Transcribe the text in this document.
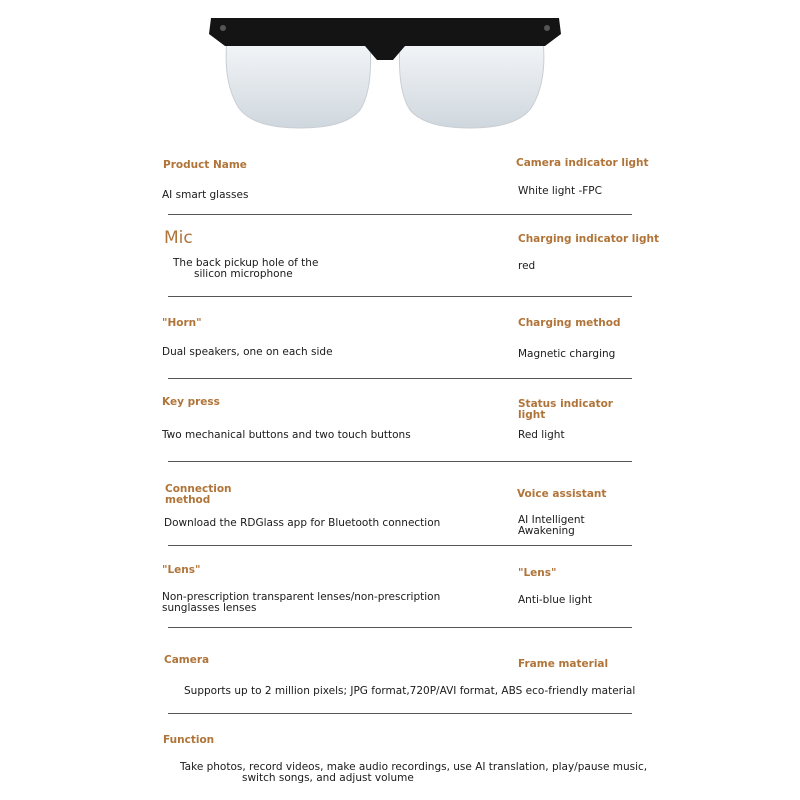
Product Name
AI smart glasses
Camera indicator light
White light -FPC
Mic
The back pickup hole of the
silicon microphone
Charging indicator light
red
"Horn"
Dual speakers, one on each side
Charging method
Magnetic charging
Key press
Two mechanical buttons and two touch buttons
Status indicator
light
Red light
Connection
method
Download the RDGlass app for Bluetooth connection
Voice assistant
AI Intelligent
Awakening
"Lens"
Non-prescription transparent lenses/non-prescription
sunglasses lenses
"Lens"
Anti-blue light
Camera	Frame material
Supports up to 2 million pixels; JPG format,720P/AVI format, ABS eco-friendly material
Function
Take photos, record videos, make audio recordings, use AI translation, play/pause music,
switch songs, and adjust volume
